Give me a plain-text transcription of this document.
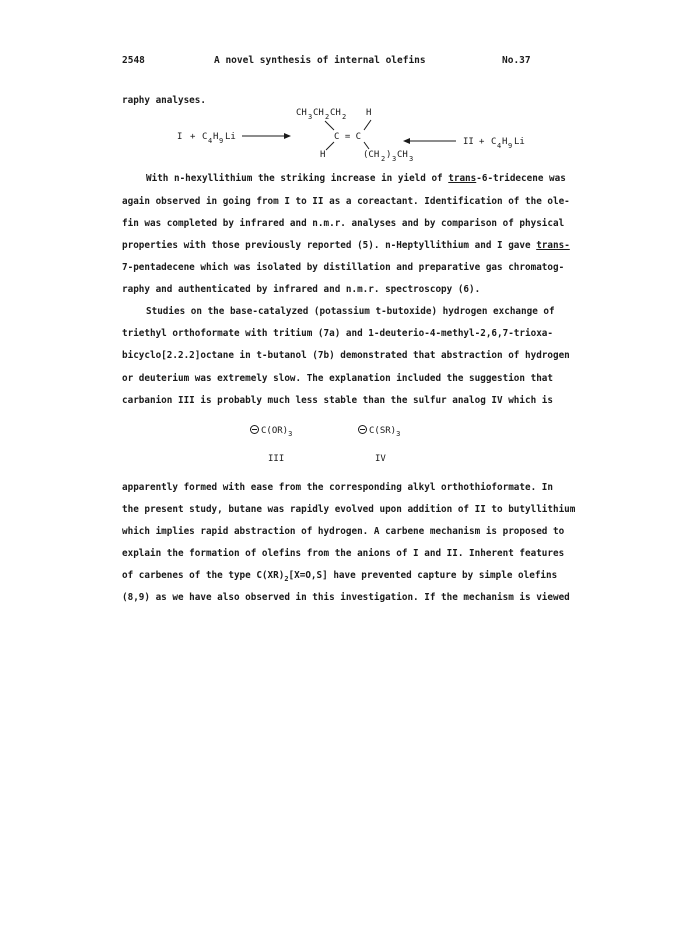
2548	A novel synthesis of internal olefins	No.37
raphy analyses.
I + C 4 H 9 Li
CH 3 CH 2 CH 2 H
C = C
H	(CH 2 ) 3 CH 3
II + C 4 H 9 Li
With n-hexyllithium the striking increase in yield of trans-6-tridecene was
again observed in going from I to II as a coreactant. Identification of the ole-
fin was completed by infrared and n.m.r. analyses and by comparison of physical
properties with those previously reported (5). n-Heptyllithium and I gave trans-
7-pentadecene which was isolated by distillation and preparative gas chromatog-
raphy and authenticated by infrared and n.m.r. spectroscopy (6).
Studies on the base-catalyzed (potassium t-butoxide) hydrogen exchange of
triethyl orthoformate with tritium (7a) and 1-deuterio-4-methyl-2,6,7-trioxa-
bicyclo[2.2.2]octane in t-butanol (7b) demonstrated that abstraction of hydrogen
or deuterium was extremely slow. The explanation included the suggestion that
carbanion III is probably much less stable than the sulfur analog IV which is
$C(OR)_3$	$C(SR)_3$
III	IV
apparently formed with ease from the corresponding alkyl orthothioformate. In
the present study, butane was rapidly evolved upon addition of II to butyllithium
which implies rapid abstraction of hydrogen. A carbene mechanism is proposed to
explain the formation of olefins from the anions of I and II. Inherent features
of carbenes of the type $C(XR)_2[X=O,S]$ have prevented capture by simple olefins
(8,9) as we have also observed in this investigation. If the mechanism is viewed
